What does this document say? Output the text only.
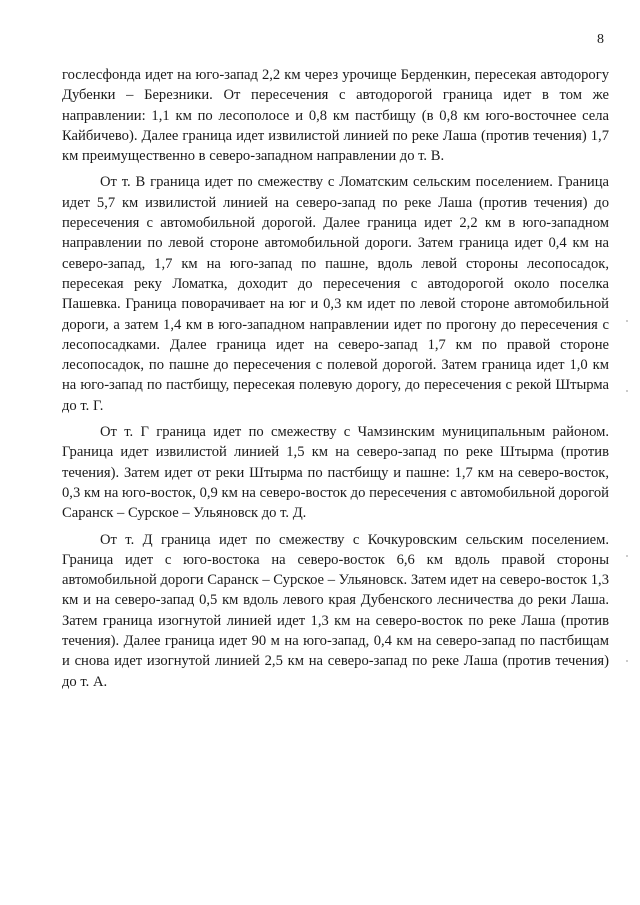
8

гослесфонда идет на юго-запад 2,2 км через урочище Берденкин, пересекая автодорогу Дубенки – Березники. От пересечения с автодорогой граница идет в том же направлении: 1,1 км по лесополосе и 0,8 км пастбищу (в 0,8 км юго-восточнее села Кайбичево). Далее граница идет извилистой линией по реке Лаша (против течения) 1,7 км преимущественно в северо-западном направлении до т. В.

От т. В граница идет по смежеству с Ломатским сельским поселением. Граница идет 5,7 км извилистой линией на северо-запад по реке Лаша (против течения) до пересечения с автомобильной дорогой. Далее граница идет 2,2 км в юго-западном направлении по левой стороне автомобильной дороги. Затем граница идет 0,4 км на северо-запад, 1,7 км на юго-запад по пашне, вдоль левой стороны лесопосадок, пересекая реку Ломатка, доходит до пересечения с автодорогой около поселка Пашевка. Граница поворачивает на юг и 0,3 км идет по левой стороне автомобильной дороги, а затем 1,4 км в юго-западном направлении идет по прогону до пересечения с лесопосадками. Далее граница идет на северо-запад 1,7 км по правой стороне лесопосадок, по пашне до пересечения с полевой дорогой. Затем граница идет 1,0 км на юго-запад по пастбищу, пересекая полевую дорогу, до пересечения с рекой Штырма до т. Г.

От т. Г граница идет по смежеству с Чамзинским муниципальным районом. Граница идет извилистой линией 1,5 км на северо-запад по реке Штырма (против течения). Затем идет от реки Штырма по пастбищу и пашне: 1,7 км на северо-восток, 0,3 км на юго-восток, 0,9 км на северо-восток до пересечения с автомобильной дорогой Саранск – Сурское – Ульяновск до т. Д.

От т. Д граница идет по смежеству с Кочкуровским сельским поселением. Граница идет с юго-востока на северо-восток 6,6 км вдоль правой стороны автомобильной дороги Саранск – Сурское – Ульяновск. Затем идет на северо-восток 1,3 км и на северо-запад 0,5 км вдоль левого края Дубенского лесничества до реки Лаша. Затем граница изогнутой линией идет 1,3 км на северо-восток по реке Лаша (против течения). Далее граница идет 90 м на юго-запад, 0,4 км на северо-запад по пастбищам и снова идет изогнутой линией 2,5 км на северо-запад по реке Лаша (против течения) до т. А.
